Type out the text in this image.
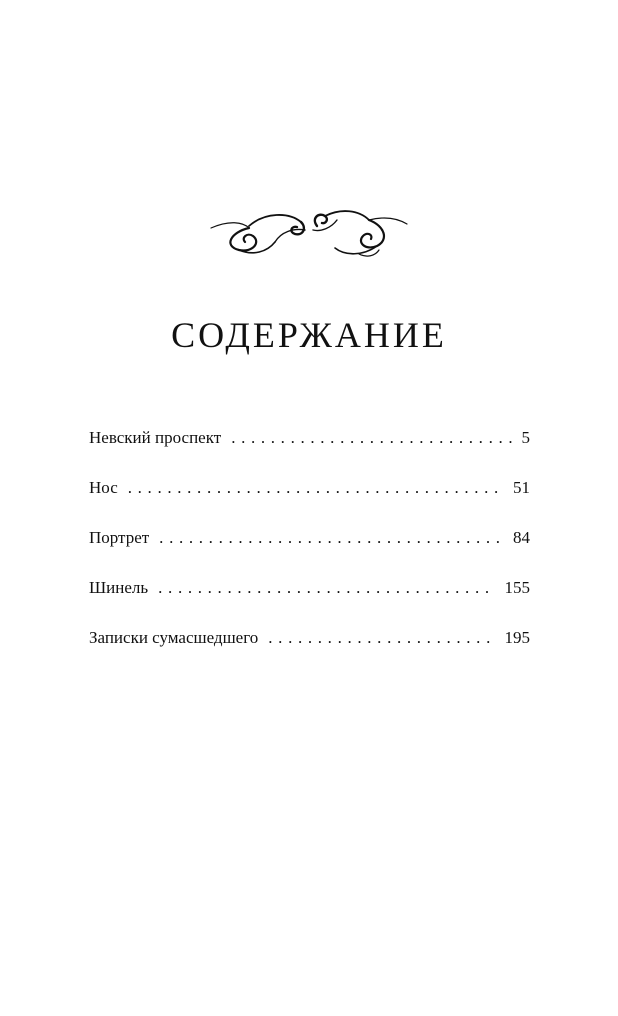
СОДЕРЖАНИЕ
Невский проспект . . .	5
Нос . . .	51
Портрет . . .	84
Шинель . . .	155
Записки сумасшедшего . . .	195
